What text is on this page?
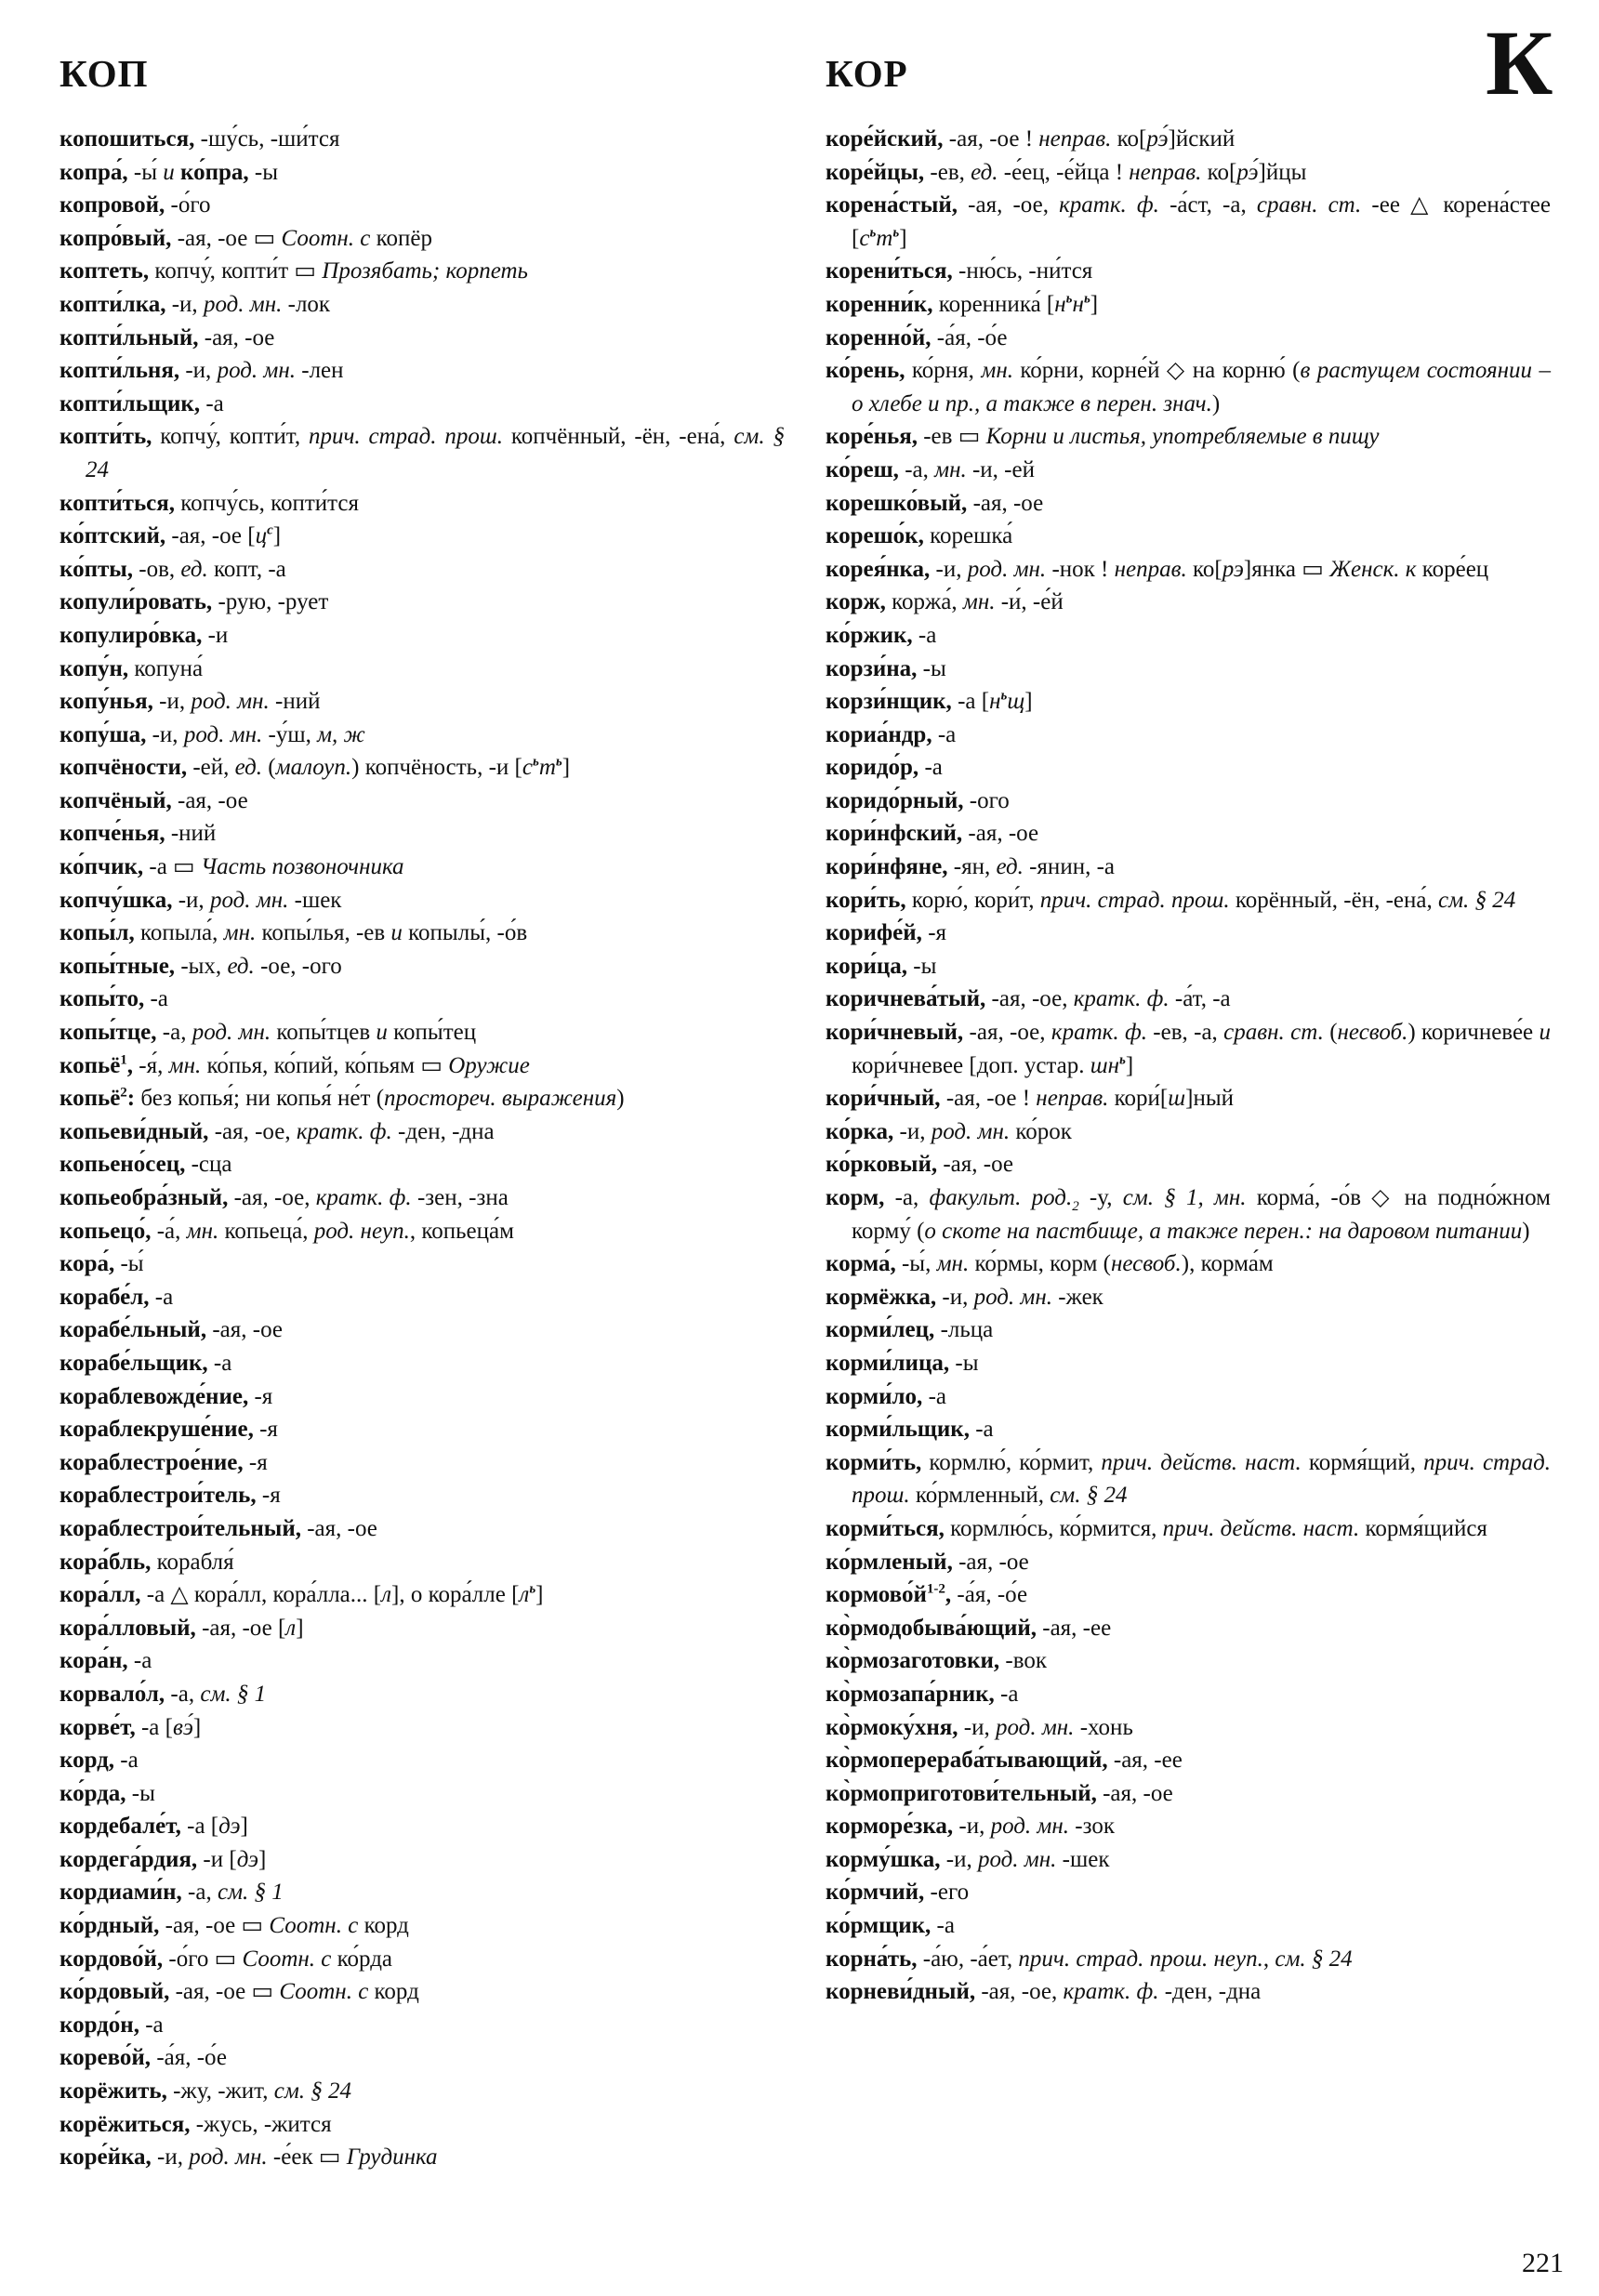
КОП	КОР	К
копошиться, -шу́сь, -ши́тся
копра́, -ы́ и ко́пра, -ы
копровой, -о́го
копро́вый, -ая, -ое ▭ Соотн. с копёр
коптеть, копчу́, копти́т ▭ Прозябать; корпеть
копти́лка, -и, род. мн. -лок
копти́льный, -ая, -ое
копти́льня, -и, род. мн. -лен
копти́льщик, -а
копти́ть, копчу́, копти́т, прич. страд. прош. копчённый, -ён, -ена́, см. § 24
копти́ться, копчу́сь, копти́тся
ко́птский, -ая, -ое $[ц^с]$
ко́пты, -ов, ед. копт, -а
копули́ровать, -рую, -рует
копулиро́вка, -и
копу́н, копуна́
копу́нья, -и, род. мн. -ний
копу́ша, -и, род. мн. -у́ш, м, ж
копчёности, -ей, ед. (малоуп.) копчёность, -и $[с^ьт^ь]$
копчёный, -ая, -ое
копче́нья, -ний
ко́пчик, -а ▭ Часть позвоночника
копчу́шка, -и, род. мн. -шек
копы́л, копыла́, мн. копы́лья, -ев и копылы́, -о́в
копы́тные, -ых, ед. -ое, -ого
копы́то, -а
копы́тце, -а, род. мн. копы́тцев и копы́тец
копьё$^1$, -я́, мн. ко́пья, ко́пий, ко́пьям ▭ Оружие
копьё$^2$: без копья́; ни копья́ не́т (простореч. выражения)
копьеви́дный, -ая, -ое, кратк. ф. -ден, -дна
копьено́сец, -сца
копьеобра́зный, -ая, -ое, кратк. ф. -зен, -зна
копьецо́, -а́, мн. копьеца́, род. неуп., копьеца́м
кора́, -ы́
корабе́л, -а
корабе́льный, -ая, -ое
корабе́льщик, -а
кораблевожде́ние, -я
кораблекруше́ние, -я
кораблестрое́ние, -я
кораблестрои́тель, -я
кораблестрои́тельный, -ая, -ое
кора́бль, корабля́
кора́лл, -а △ кора́лл, кора́лла... [л], о кора́лле $[л^ь]$
кора́лловый, -ая, -ое [л]
кора́н, -а
корвало́л, -а, см. § 1
корве́т, -а [вэ́]
корд, -а
ко́рда, -ы
кордебале́т, -а [дэ]
кордега́рдия, -и [дэ]
кордиами́н, -а, см. § 1
ко́рдный, -ая, -ое ▭ Соотн. с корд
кордово́й, -о́го ▭ Соотн. с ко́рда
ко́рдовый, -ая, -ое ▭ Соотн. с корд
кордо́н, -а
корево́й, -а́я, -о́е
корёжить, -жу, -жит, см. § 24
корёжиться, -жусь, -жится
коре́йка, -и, род. мн. -е́ек ▭ Грудинка
коре́йский, -ая, -ое ! неправ. ко[рэ́]йский
коре́йцы, -ев, ед. -е́ец, -е́йца ! неправ. ко[рэ́]йцы
корена́стый, -ая, -ое, кратк. ф. -а́ст, -а, сравн. ст. -ее △ корена́стее $[с^ьт^ь]$
корени́ться, -ню́сь, -ни́тся
коренни́к, коренника́ $[н^ьн^ь]$
коренно́й, -а́я, -о́е
ко́рень, ко́рня, мн. ко́рни, корне́й ◇ на корню́ (в растущем состоянии – о хлебе и пр., а также в перен. знач.)
коре́нья, -ев ▭ Корни и листья, употребляемые в пищу
ко́реш, -а, мн. -и, -ей
корешко́вый, -ая, -ое
корешо́к, корешка́
корея́нка, -и, род. мн. -нок ! неправ. ко[рэ]янка ▭ Женск. к коре́ец
корж, коржа́, мн. -и́, -е́й
ко́ржик, -а
корзи́на, -ы
корзи́нщик, -а $[н^ьщ]$
кориа́ндр, -а
коридо́р, -а
коридо́рный, -ого
кори́нфский, -ая, -ое
кори́нфяне, -ян, ед. -янин, -а
кори́ть, корю́, кори́т, прич. страд. прош. корённый, -ён, -ена́, см. § 24
корифе́й, -я
кори́ца, -ы
коричнева́тый, -ая, -ое, кратк. ф. -а́т, -а
кори́чневый, -ая, -ое, кратк. ф. -ев, -а, сравн. ст. (несвоб.) коричневе́е и кори́чневее [доп. устар. $шн^ь$]
кори́чный, -ая, -ое ! неправ. кори́[ш]ный
ко́рка, -и, род. мн. ко́рок
ко́рковый, -ая, -ое
корм, -а, факульт. $род._2$ -у, см. § 1, мн. корма́, -о́в ◇ на подно́жном корму́ (о скоте на пастбище, а также перен.: на даровом питании)
корма́, -ы́, мн. ко́рмы, корм (несвоб.), корма́м
кормёжка, -и, род. мн. -жек
корми́лец, -льца
корми́лица, -ы
корми́ло, -а
корми́льщик, -а
корми́ть, кормлю́, ко́рмит, прич. действ. наст. кормя́щий, прич. страд. прош. ко́рмленный, см. § 24
корми́ться, кормлю́сь, ко́рмится, прич. действ. наст. кормя́щийся
ко́рмленый, -ая, -ое
$кормово́й^{1-2}$, -а́я, -о́е
ко̀рмодобыва́ющий, -ая, -ее
ко̀рмозаготовки, -вок
ко̀рмозапа́рник, -а
ко̀рмоку́хня, -и, род. мн. -хонь
ко̀рмоперераба́тывающий, -ая, -ее
ко̀рмоприготови́тельный, -ая, -ое
кормоpе́зка, -и, род. мн. -зок
корму́шка, -и, род. мн. -шек
ко́рмчий, -его
ко́рмщик, -а
корна́ть, -а́ю, -а́ет, прич. страд. прош. неуп., см. § 24
корневи́дный, -ая, -ое, кратк. ф. -ден, -дна
221
